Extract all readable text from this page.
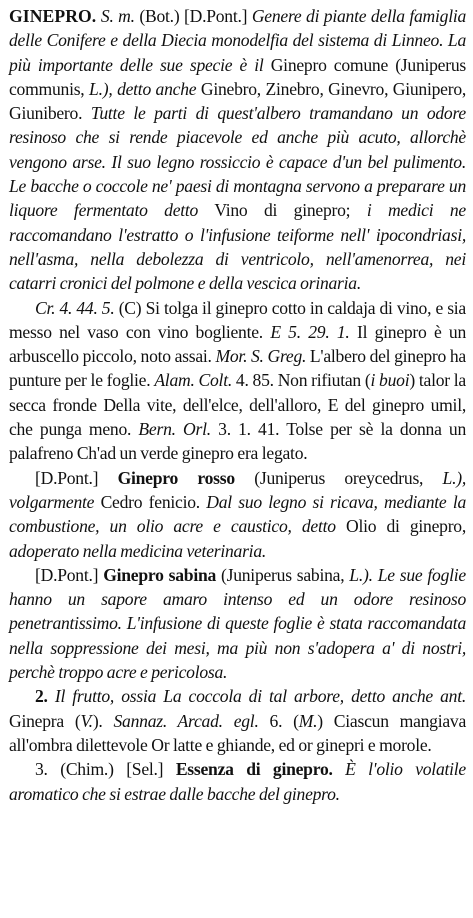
GINEPRO. S. m. (Bot.) [D.Pont.] Genere di piante della famiglia delle Conifere e della Diecia monodelfia del sistema di Linneo. La più importante delle sue specie è il Ginepro comune (Juniperus communis, L.), detto anche Ginebro, Zinebro, Ginevro, Giunipero, Giunibero. Tutte le parti di quest'albero tramandano un odore resinoso che si rende piacevole ed anche più acuto, allorchè vengono arse. Il suo legno rossiccio è capace d'un bel pulimento. Le bacche o coccole ne' paesi di montagna servono a preparare un liquore fermentato detto Vino di ginepro; i medici ne raccomandano l'estratto o l'infusione teiforme nell' ipocondriasi, nell'asma, nella debolezza di ventricolo, nell'amenorrea, nei catarri cronici del polmone e della vescica orinaria.

Cr. 4. 44. 5. (C) Si tolga il ginepro cotto in caldaja di vino, e sia messo nel vaso con vino bogliente. E 5. 29. 1. Il ginepro è un arbuscello piccolo, noto assai. Mor. S. Greg. L'albero del ginepro ha punture per le foglie. Alam. Colt. 4. 85. Non rifiutan (i buoi) talor la secca fronde Della vite, dell'elce, dell'alloro, E del ginepro umil, che punga meno. Bern. Orl. 3. 1. 41. Tolse per sè la donna un palafreno Ch'ad un verde ginepro era legato.

[D.Pont.] Ginepro rosso (Juniperus oreycedrus, L.), volgarmente Cedro fenicio. Dal suo legno si ricava, mediante la combustione, un olio acre e caustico, detto Olio di ginepro, adoperato nella medicina veterinaria.

[D.Pont.] Ginepro sabina (Juniperus sabina, L.). Le sue foglie hanno un sapore amaro intenso ed un odore resinoso penetrantissimo. L'infusione di queste foglie è stata raccomandata nella soppressione dei mesi, ma più non s'adopera a' di nostri, perchè troppo acre e pericolosa.

2. Il frutto, ossia La coccola di tal arbore, detto anche ant. Ginepra (V.). Sannaz. Arcad. egl. 6. (M.) Ciascun mangiava all'ombra dilettevole Or latte e ghiande, ed or ginepri e morole.

3. (Chim.) [Sel.] Essenza di ginepro. È l'olio volatile aromatico che si estrae dalle bacche del ginepro.
